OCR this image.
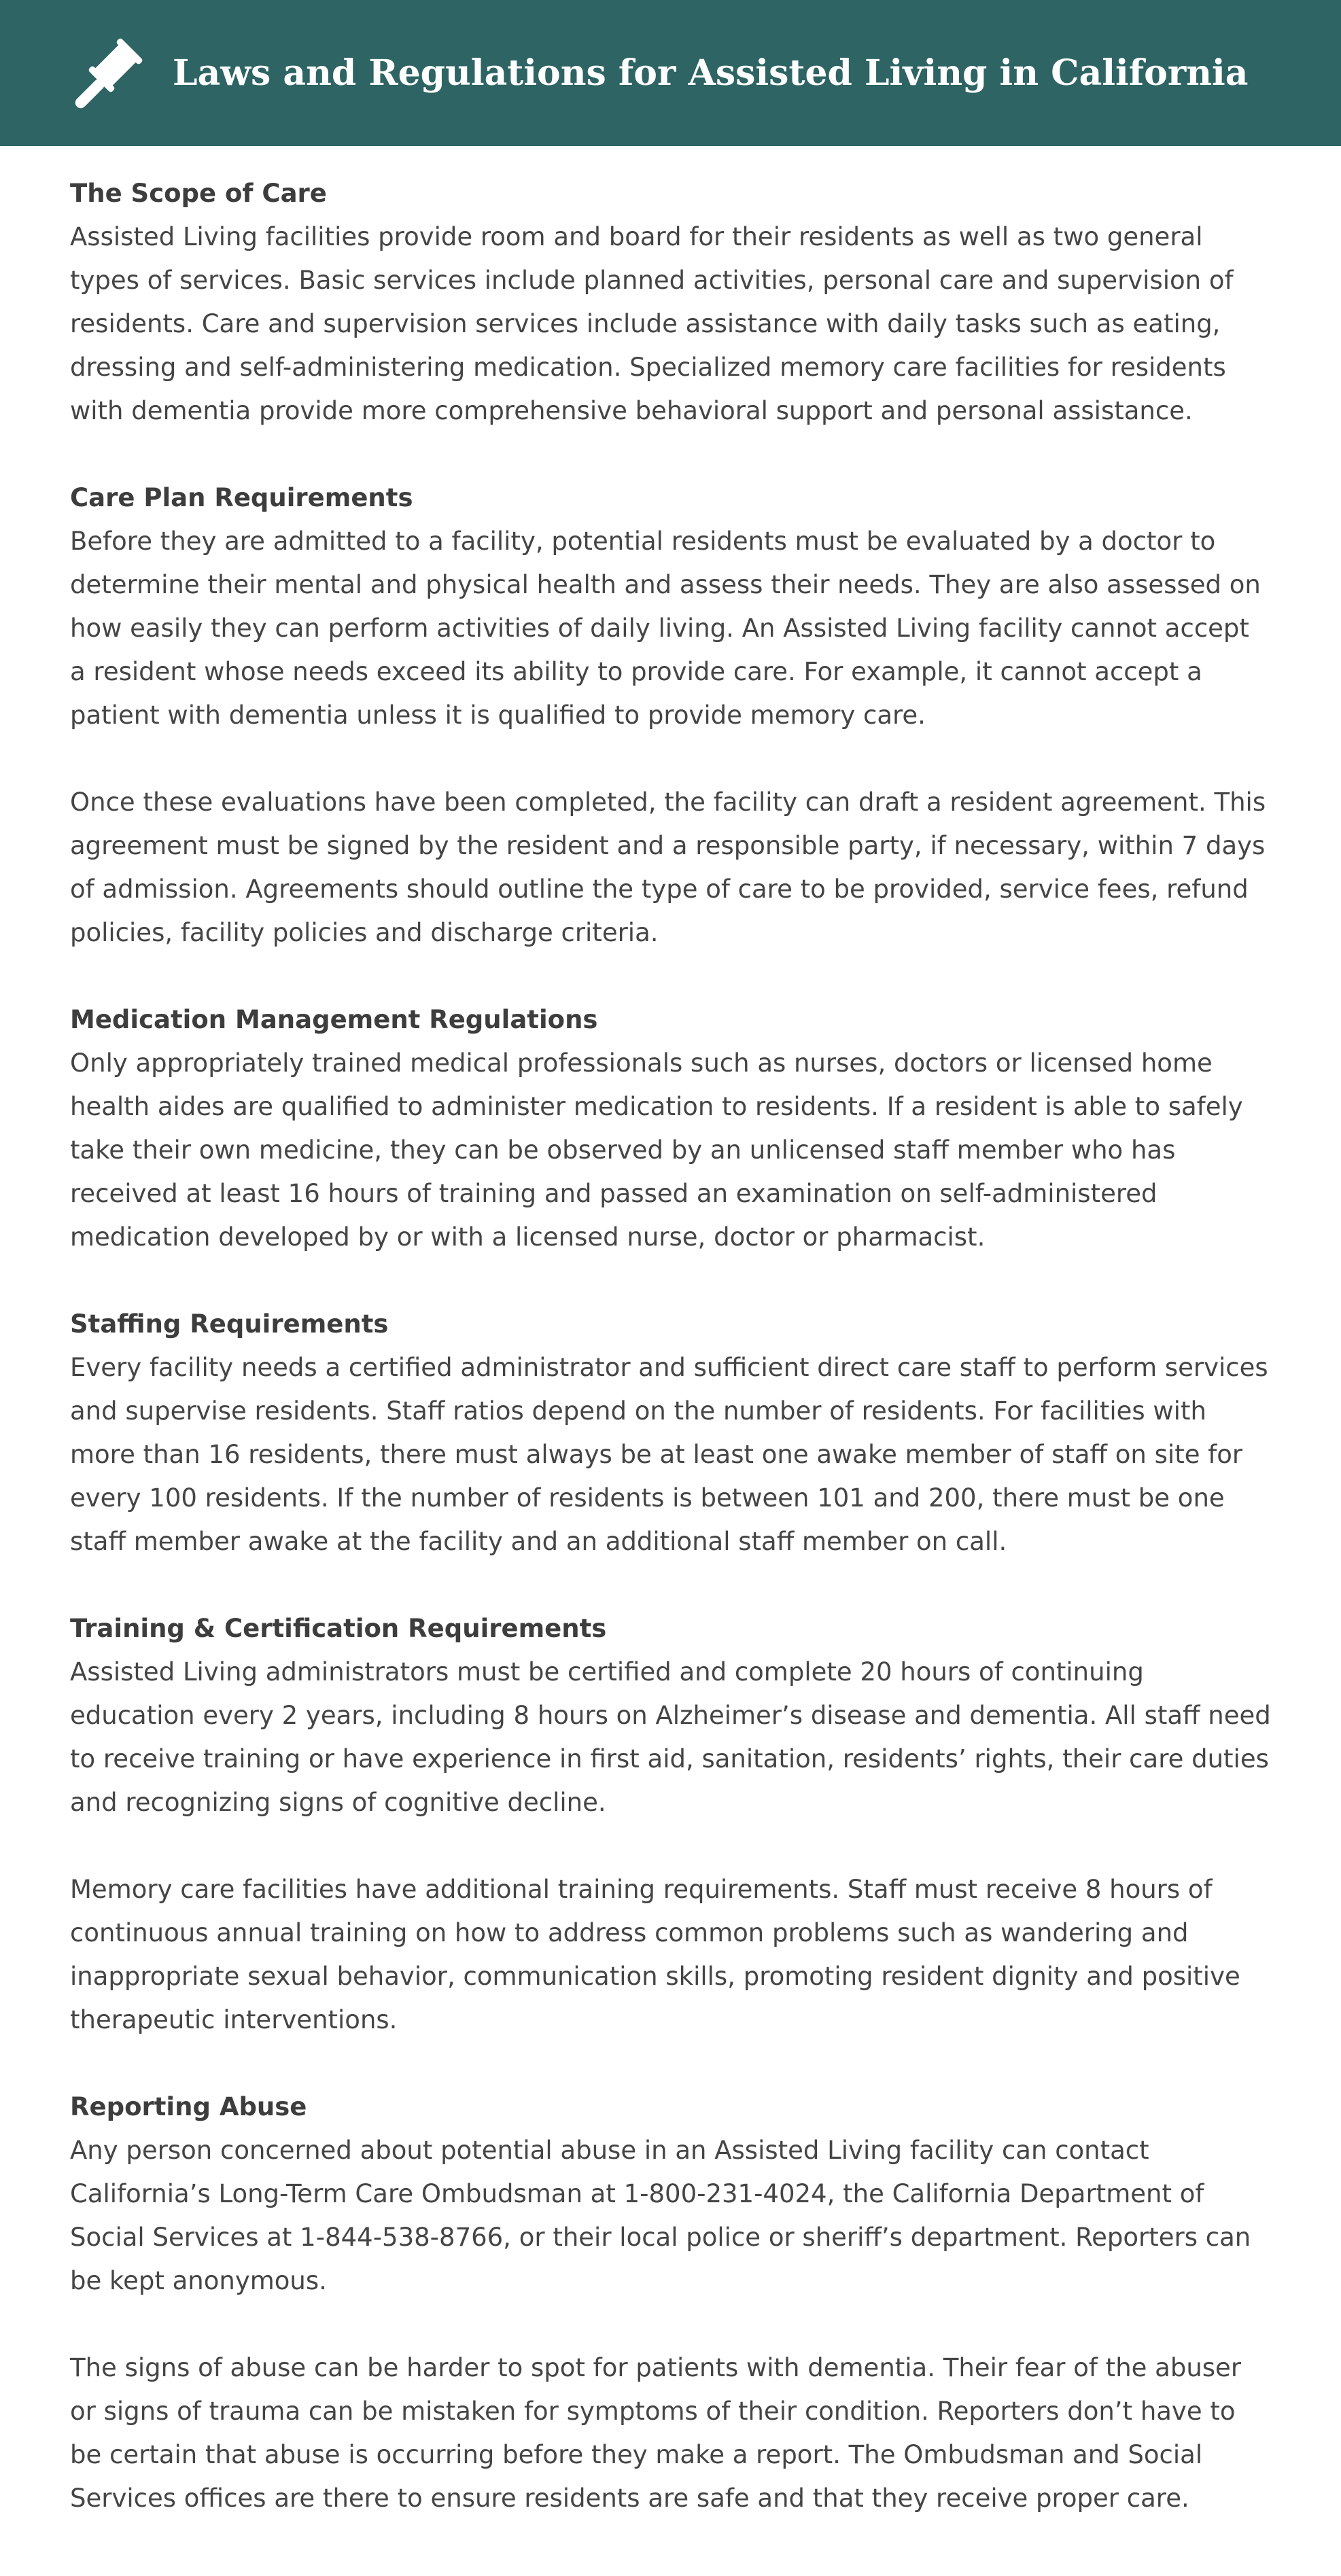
Laws and Regulations for Assisted Living in California
The Scope of Care

Assisted Living facilities provide room and board for their residents as well as two general types of services. Basic services include planned activities, personal care and supervision of residents. Care and supervision services include assistance with daily tasks such as eating, dressing and self-administering medication. Specialized memory care facilities for residents with dementia provide more comprehensive behavioral support and personal assistance.

Care Plan Requirements

Before they are admitted to a facility, potential residents must be evaluated by a doctor to determine their mental and physical health and assess their needs. They are also assessed on how easily they can perform activities of daily living. An Assisted Living facility cannot accept a resident whose needs exceed its ability to provide care. For example, it cannot accept a patient with dementia unless it is qualified to provide memory care.

Once these evaluations have been completed, the facility can draft a resident agreement. This agreement must be signed by the resident and a responsible party, if necessary, within 7 days of admission. Agreements should outline the type of care to be provided, service fees, refund policies, facility policies and discharge criteria.

Medication Management Regulations

Only appropriately trained medical professionals such as nurses, doctors or licensed home health aides are qualified to administer medication to residents. If a resident is able to safely take their own medicine, they can be observed by an unlicensed staff member who has received at least 16 hours of training and passed an examination on self-administered medication developed by or with a licensed nurse, doctor or pharmacist.

Staffing Requirements

Every facility needs a certified administrator and sufficient direct care staff to perform services and supervise residents. Staff ratios depend on the number of residents. For facilities with more than 16 residents, there must always be at least one awake member of staff on site for every 100 residents. If the number of residents is between 101 and 200, there must be one staff member awake at the facility and an additional staff member on call.

Training & Certification Requirements

Assisted Living administrators must be certified and complete 20 hours of continuing education every 2 years, including 8 hours on Alzheimer’s disease and dementia. All staff need to receive training or have experience in first aid, sanitation, residents’ rights, their care duties and recognizing signs of cognitive decline.

Memory care facilities have additional training requirements. Staff must receive 8 hours of continuous annual training on how to address common problems such as wandering and inappropriate sexual behavior, communication skills, promoting resident dignity and positive therapeutic interventions.

Reporting Abuse

Any person concerned about potential abuse in an Assisted Living facility can contact California’s Long-Term Care Ombudsman at 1-800-231-4024, the California Department of Social Services at 1-844-538-8766, or their local police or sheriff’s department. Reporters can be kept anonymous.

The signs of abuse can be harder to spot for patients with dementia. Their fear of the abuser or signs of trauma can be mistaken for symptoms of their condition. Reporters don’t have to be certain that abuse is occurring before they make a report. The Ombudsman and Social Services offices are there to ensure residents are safe and that they receive proper care.
